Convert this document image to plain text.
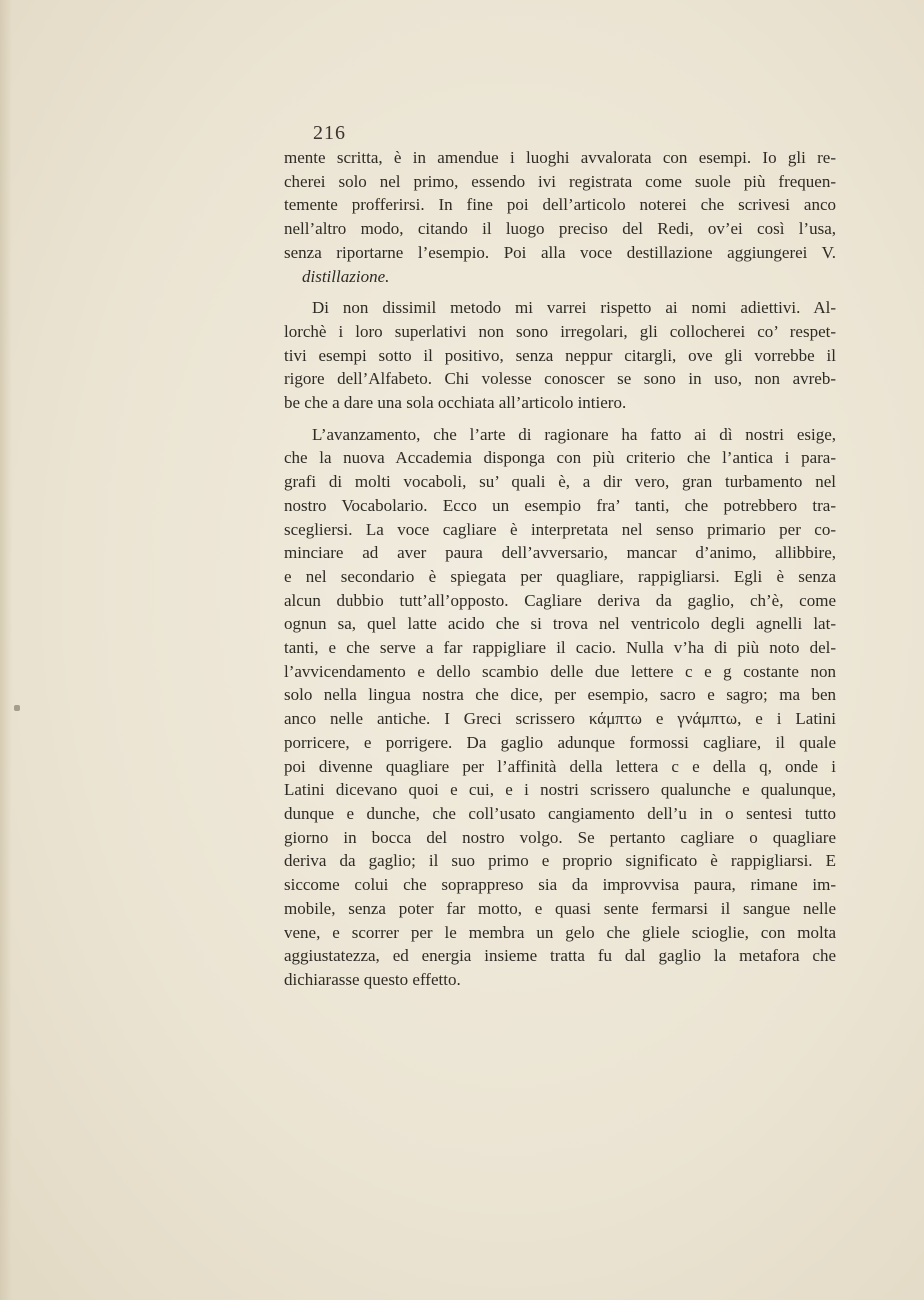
216
mente scritta, è in amendue i luoghi avvalorata con esempi. Io gli re-
cherei solo nel primo, essendo ivi registrata come suole più frequen-
temente profferirsi. In fine poi dell’articolo noterei che scrivesi anco
nell’altro modo, citando il luogo preciso del Redi, ov’ei così l’usa,
senza riportarne l’esempio. Poi alla voce destillazione aggiungerei V.
distillazione.
Di non dissimil metodo mi varrei rispetto ai nomi adiettivi. Al-
lorchè i loro superlativi non sono irregolari, gli collocherei co’ respet-
tivi esempi sotto il positivo, senza neppur citargli, ove gli vorrebbe il
rigore dell’Alfabeto. Chi volesse conoscer se sono in uso, non avreb-
be che a dare una sola occhiata all’articolo intiero.
L’avanzamento, che l’arte di ragionare ha fatto ai dì nostri esige,
che la nuova Accademia disponga con più criterio che l’antica i para-
grafi di molti vocaboli, su’ quali è, a dir vero, gran turbamento nel
nostro Vocabolario. Ecco un esempio fra’ tanti, che potrebbero tra-
scegliersi. La voce cagliare è interpretata nel senso primario per co-
minciare ad aver paura dell’avversario, mancar d’animo, allibbire,
e nel secondario è spiegata per quagliare, rappigliarsi. Egli è senza
alcun dubbio tutt’all’opposto. Cagliare deriva da gaglio, ch’è, come
ognun sa, quel latte acido che si trova nel ventricolo degli agnelli lat-
tanti, e che serve a far rappigliare il cacio. Nulla v’ha di più noto del-
l’avvicendamento e dello scambio delle due lettere c e g costante non
solo nella lingua nostra che dice, per esempio, sacro e sagro; ma ben
anco nelle antiche. I Greci scrissero κάμπτω e γνάμπτω, e i Latini
porricere, e porrigere. Da gaglio adunque formossi cagliare, il quale
poi divenne quagliare per l’affinità della lettera c e della q, onde i
Latini dicevano quoi e cui, e i nostri scrissero qualunche e qualunque,
dunque e dunche, che coll’usato cangiamento dell’u in o sentesi tutto
giorno in bocca del nostro volgo. Se pertanto cagliare o quagliare
deriva da gaglio; il suo primo e proprio significato è rappigliarsi. E
siccome colui che soprappreso sia da improvvisa paura, rimane im-
mobile, senza poter far motto, e quasi sente fermarsi il sangue nelle
vene, e scorrer per le membra un gelo che gliele scioglie, con molta
aggiustatezza, ed energia insieme tratta fu dal gaglio la metafora che
dichiarasse questo effetto.
